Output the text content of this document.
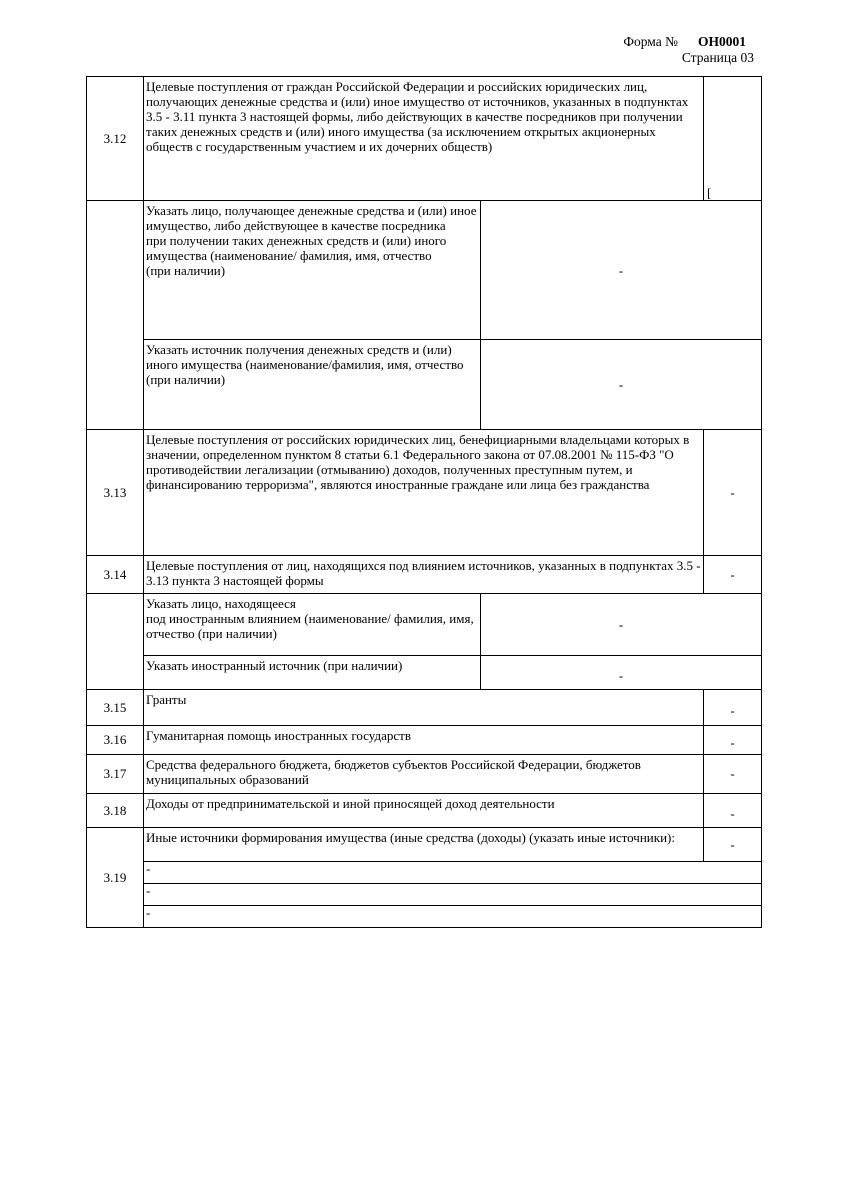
Форма № ОН0001
Страница 03
3.12	Целевые поступления от граждан Российской Федерации и российских юридических лиц, получающих денежные средства и (или) иное имущество от источников, указанных в подпунктах 3.5 - 3.11 пункта 3 настоящей формы, либо действующих в качестве посредников при получении таких денежных средств и (или) иного имущества (за исключением открытых акционерных обществ с государственным участием и их дочерних обществ)		[

	Указать лицо, получающее денежные средства и (или) иное имущество, либо действующее в качестве посредника
при получении таких денежных средств и (или) иного имущества (наименование/ фамилия, имя, отчество
(при наличии)	-	
	Указать источник получения денежных средств и (или) иного имущества (наименование/фамилия, имя, отчество (при наличии)	-	
3.13	Целевые поступления от российских юридических лиц, бенефициарными владельцами которых в значении, определенном пунктом 8 статьи 6.1 Федерального закона от 07.08.2001 № 115-ФЗ "О противодействии легализации (отмыванию) доходов, полученных преступным путем, и финансированию терроризма", являются иностранные граждане или лица без гражданства		-
3.14	Целевые поступления от лиц, находящихся под влиянием источников, указанных в подпунктах 3.5 - 3.13 пункта 3 настоящей формы		-
	Указать лицо, находящееся
под иностранным влиянием (наименование/ фамилия, имя,
отчество (при наличии)	-	
	Указать иностранный источник (при наличии)	-	
3.15	Гранты		-
3.16	Гуманитарная помощь иностранных государств		-
3.17	Средства федерального бюджета, бюджетов субъектов Российской Федерации, бюджетов муниципальных образований		-
3.18	Доходы от предпринимательской и иной приносящей доход деятельности		-
3.19	Иные источники формирования имущества (иные средства (доходы) (указать иные источники):		-

	-		

	-		

	-		
